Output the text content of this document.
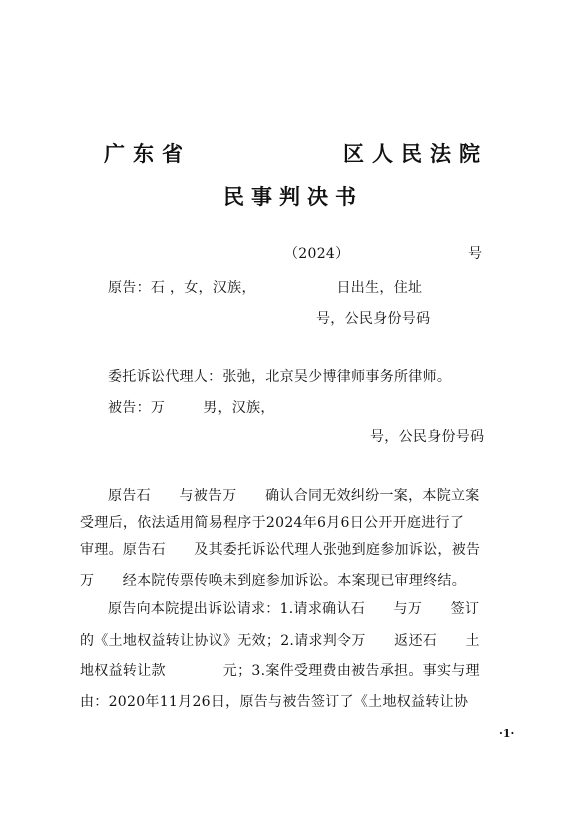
广东省	区人民法院
民事判决书
（2024）	号
原告：石 ，女，汉族，                 日出生，住址
号，公民身份号码
委托诉讼代理人：张弛，北京吴少博律师事务所律师。
被告：万        男，汉族，
号，公民身份号码
原告石      与被告万      确认合同无效纠纷一案，本院立案
受理后，依法适用简易程序于2024年6月6日公开开庭进行了
审理。原告石      及其委托诉讼代理人张弛到庭参加诉讼，被告
万      经本院传票传唤未到庭参加诉讼。本案现已审理终结。
原告向本院提出诉讼请求：1.请求确认石      与万      签订
的《土地权益转让协议》无效；2.请求判令万      返还石      土
地权益转让款            元；3.案件受理费由被告承担。事实与理
由：2020年11月26日，原告与被告签订了《土地权益转让协
·1·
